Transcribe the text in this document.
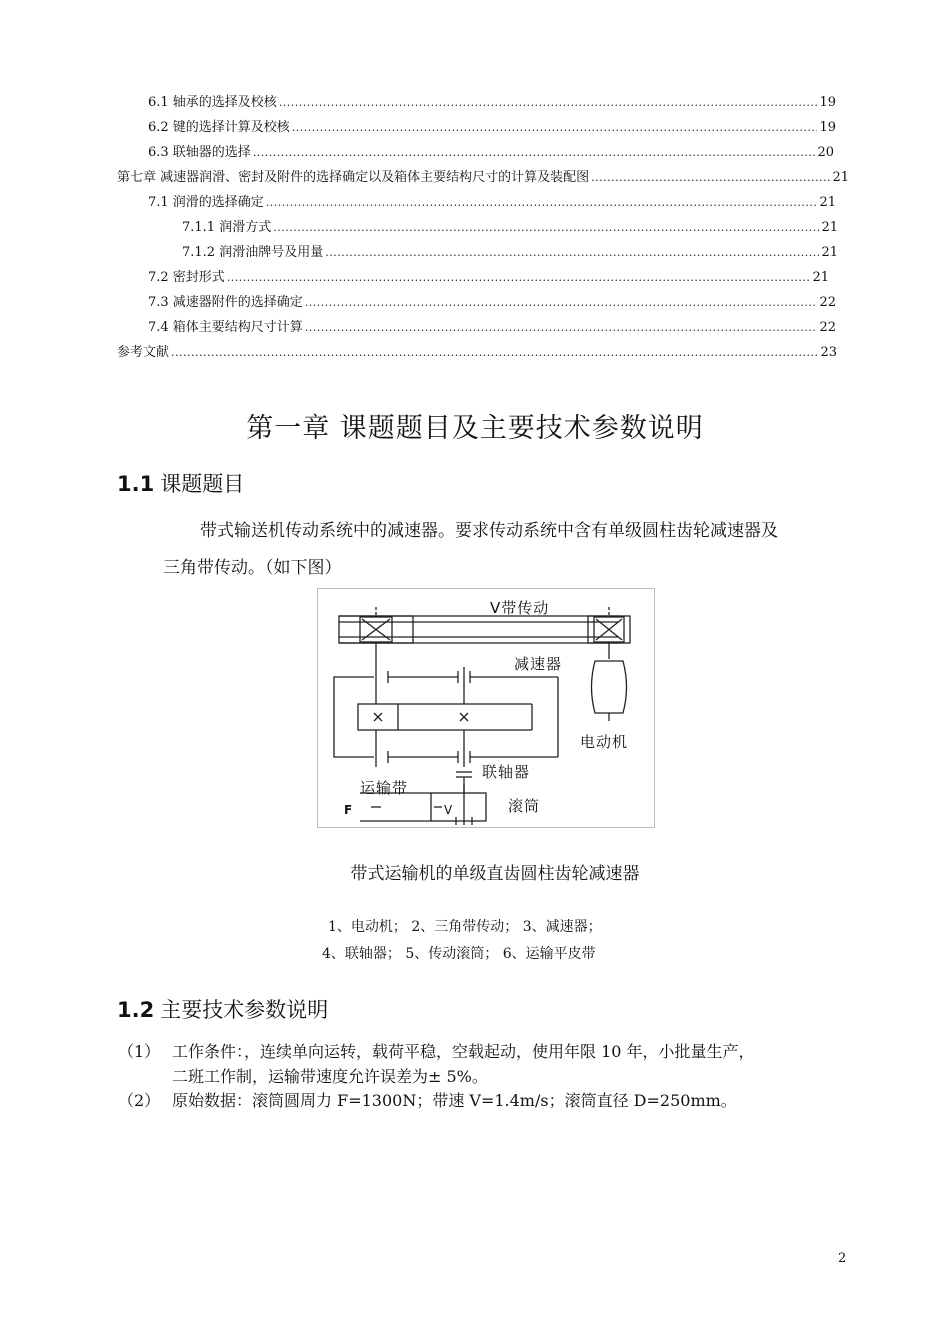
6.1 轴承的选择及校核 .....	19
6.2 键的选择计算及校核 .....	19
6.3 联轴器的选择 .....	20
第七章 减速器润滑、密封及附件的选择确定以及箱体主要结构尺寸的计算及装配图 .....	21
7.1 润滑的选择确定 .....	21
7.1.1 润滑方式 .....	21
7.1.2 润滑油牌号及用量 .....	21
7.2 密封形式 .....	21
7.3 减速器附件的选择确定 .....	22
7.4 箱体主要结构尺寸计算 .....	22
参考文献 .....	23
第一章 课题题目及主要技术参数说明
1.1 课题题目
带式输送机传动系统中的减速器。要求传动系统中含有单级圆柱齿轮减速器及
三角带传动。（如下图）
V带传动
减速器
电动机
联轴器
运输带
滚筒
F	V
带式运输机的单级直齿圆柱齿轮减速器
1、电动机； 2、三角带传动； 3、减速器；
4、联轴器； 5、传动滚筒； 6、运输平皮带
1.2 主要技术参数说明
（1） 工作条件：，连续单向运转，载荷平稳，空载起动，使用年限 10 年，小批量生产，
二班工作制，运输带速度允许误差为± 5%。
（2） 原始数据：滚筒圆周力 F=1300N；带速 V=1.4m/s；滚筒直径 D=250mm。
2
